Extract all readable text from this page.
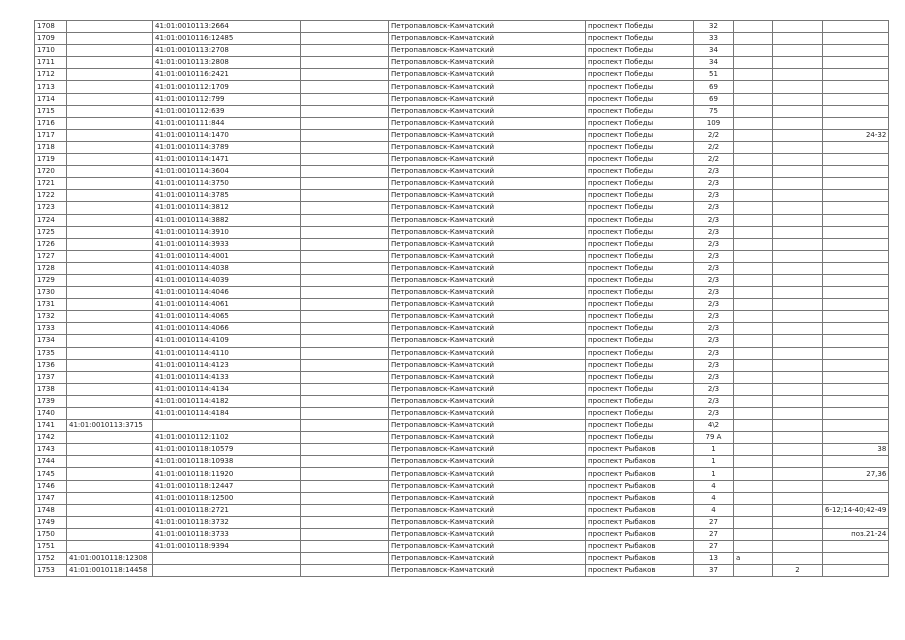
1708		41:01:0010113:2664		Петропавловск-Камчатский	проспект Победы	32			
1709		41:01:0010116:12485		Петропавловск-Камчатский	проспект Победы	33			
1710		41:01:0010113:2708		Петропавловск-Камчатский	проспект Победы	34			
1711		41:01:0010113:2808		Петропавловск-Камчатский	проспект Победы	34			
1712		41:01:0010116:2421		Петропавловск-Камчатский	проспект Победы	51			
1713		41:01:0010112:1709		Петропавловск-Камчатский	проспект Победы	69			
1714		41:01:0010112:799		Петропавловск-Камчатский	проспект Победы	69			
1715		41:01:0010112:639		Петропавловск-Камчатский	проспект Победы	75			
1716		41:01:0010111:844		Петропавловск-Камчатский	проспект Победы	109			
1717		41:01:0010114:1470		Петропавловск-Камчатский	проспект Победы	2/2			24-32
1718		41:01:0010114:3789		Петропавловск-Камчатский	проспект Победы	2/2			
1719		41:01:0010114:1471		Петропавловск-Камчатский	проспект Победы	2/2			
1720		41:01:0010114:3604		Петропавловск-Камчатский	проспект Победы	2/3			
1721		41:01:0010114:3750		Петропавловск-Камчатский	проспект Победы	2/3			
1722		41:01:0010114:3785		Петропавловск-Камчатский	проспект Победы	2/3			
1723		41:01:0010114:3812		Петропавловск-Камчатский	проспект Победы	2/3			
1724		41:01:0010114:3882		Петропавловск-Камчатский	проспект Победы	2/3			
1725		41:01:0010114:3910		Петропавловск-Камчатский	проспект Победы	2/3			
1726		41:01:0010114:3933		Петропавловск-Камчатский	проспект Победы	2/3			
1727		41:01:0010114:4001		Петропавловск-Камчатский	проспект Победы	2/3			
1728		41:01:0010114:4038		Петропавловск-Камчатский	проспект Победы	2/3			
1729		41:01:0010114:4039		Петропавловск-Камчатский	проспект Победы	2/3			
1730		41:01:0010114:4046		Петропавловск-Камчатский	проспект Победы	2/3			
1731		41:01:0010114:4061		Петропавловск-Камчатский	проспект Победы	2/3			
1732		41:01:0010114:4065		Петропавловск-Камчатский	проспект Победы	2/3			
1733		41:01:0010114:4066		Петропавловск-Камчатский	проспект Победы	2/3			
1734		41:01:0010114:4109		Петропавловск-Камчатский	проспект Победы	2/3			
1735		41:01:0010114:4110		Петропавловск-Камчатский	проспект Победы	2/3			
1736		41:01:0010114:4123		Петропавловск-Камчатский	проспект Победы	2/3			
1737		41:01:0010114:4133		Петропавловск-Камчатский	проспект Победы	2/3			
1738		41:01:0010114:4134		Петропавловск-Камчатский	проспект Победы	2/3			
1739		41:01:0010114:4182		Петропавловск-Камчатский	проспект Победы	2/3			
1740		41:01:0010114:4184		Петропавловск-Камчатский	проспект Победы	2/3			
1741	41:01:0010113:3715			Петропавловск-Камчатский	проспект Победы	4\2			
1742		41:01:0010112:1102		Петропавловск-Камчатский	проспект Победы	79 А			
1743		41:01:0010118:10579		Петропавловск-Камчатский	проспект Рыбаков	1			38
1744		41:01:0010118:10938		Петропавловск-Камчатский	проспект Рыбаков	1			
1745		41:01:0010118:11920		Петропавловск-Камчатский	проспект Рыбаков	1			27,36
1746		41:01:0010118:12447		Петропавловск-Камчатский	проспект Рыбаков	4			
1747		41:01:0010118:12500		Петропавловск-Камчатский	проспект Рыбаков	4			
1748		41:01:0010118:2721		Петропавловск-Камчатский	проспект Рыбаков	4			6-12;14-40;42-49
1749		41:01:0010118:3732		Петропавловск-Камчатский	проспект Рыбаков	27			
1750		41:01:0010118:3733		Петропавловск-Камчатский	проспект Рыбаков	27			поз.21-24
1751		41:01:0010118:9394		Петропавловск-Камчатский	проспект Рыбаков	27			
1752	41:01:0010118:12308			Петропавловск-Камчатский	проспект Рыбаков	13	а		
1753	41:01:0010118:14458			Петропавловск-Камчатский	проспект Рыбаков	37		2	
